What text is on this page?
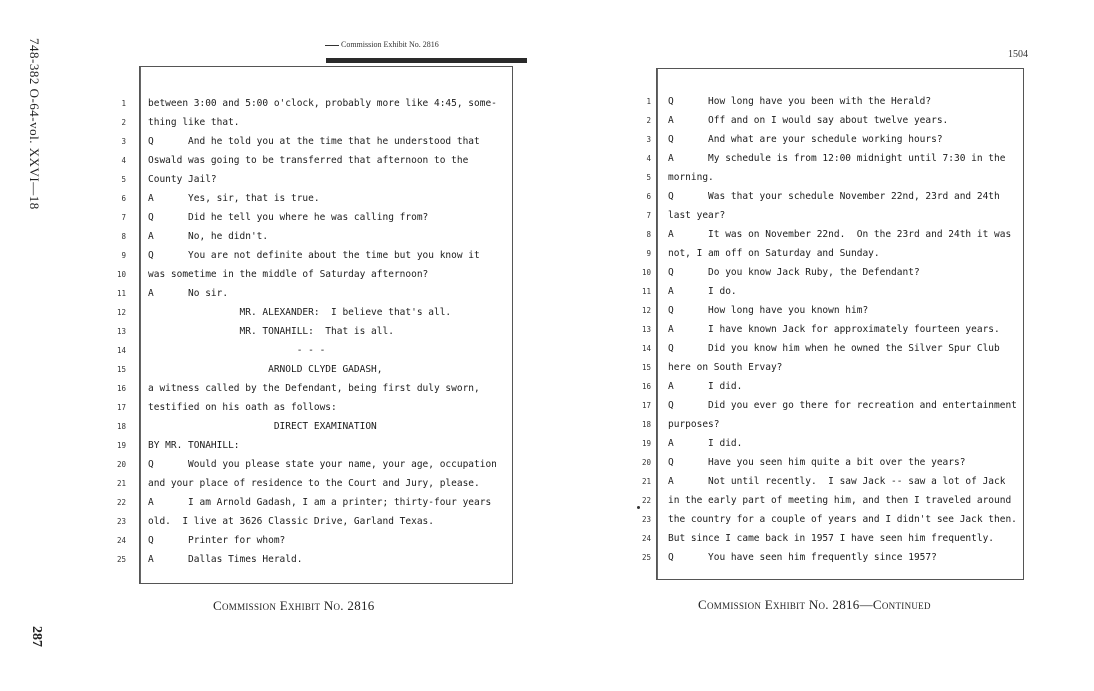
748-382 O-64-vol. XXVI—18
287
Commission Exhibit No. 2816
1504
1 between 3:00 and 5:00 o'clock, probably more like 4:45, some-
2 thing like that.
3 Q      And he told you at the time that he understood that
4 Oswald was going to be transferred that afternoon to the
5 County Jail?
6 A      Yes, sir, that is true.
7 Q      Did he tell you where he was calling from?
8 A      No, he didn't.
9 Q      You are not definite about the time but you know it
10 was sometime in the middle of Saturday afternoon?
11 A      No sir.
12 MR. ALEXANDER:  I believe that's all.
13 MR. TONAHILL:  That is all.
14 - - -
15 ARNOLD CLYDE GADASH,
16 a witness called by the Defendant, being first duly sworn,
17 testified on his oath as follows:
18 DIRECT EXAMINATION
19 BY MR. TONAHILL:
20 Q      Would you please state your name, your age, occupation
21 and your place of residence to the Court and Jury, please.
22 A      I am Arnold Gadash, I am a printer; thirty-four years
23 old.  I live at 3626 Classic Drive, Garland Texas.
24 Q      Printer for whom?
25 A      Dallas Times Herald.
1 Q      How long have you been with the Herald?
2 A      Off and on I would say about twelve years.
3 Q      And what are your schedule working hours?
4 A      My schedule is from 12:00 midnight until 7:30 in the
5 morning.
6 Q      Was that your schedule November 22nd, 23rd and 24th
7 last year?
8 A      It was on November 22nd.  On the 23rd and 24th it was
9 not, I am off on Saturday and Sunday.
10 Q      Do you know Jack Ruby, the Defendant?
11 A      I do.
12 Q      How long have you known him?
13 A      I have known Jack for approximately fourteen years.
14 Q      Did you know him when he owned the Silver Spur Club
15 here on South Ervay?
16 A      I did.
17 Q      Did you ever go there for recreation and entertainment
18 purposes?
19 A      I did.
20 Q      Have you seen him quite a bit over the years?
21 A      Not until recently.  I saw Jack -- saw a lot of Jack
22 in the early part of meeting him, and then I traveled around
23 the country for a couple of years and I didn't see Jack then.
24 But since I came back in 1957 I have seen him frequently.
25 Q      You have seen him frequently since 1957?
Commission Exhibit No. 2816	Commission Exhibit No. 2816—Continued
